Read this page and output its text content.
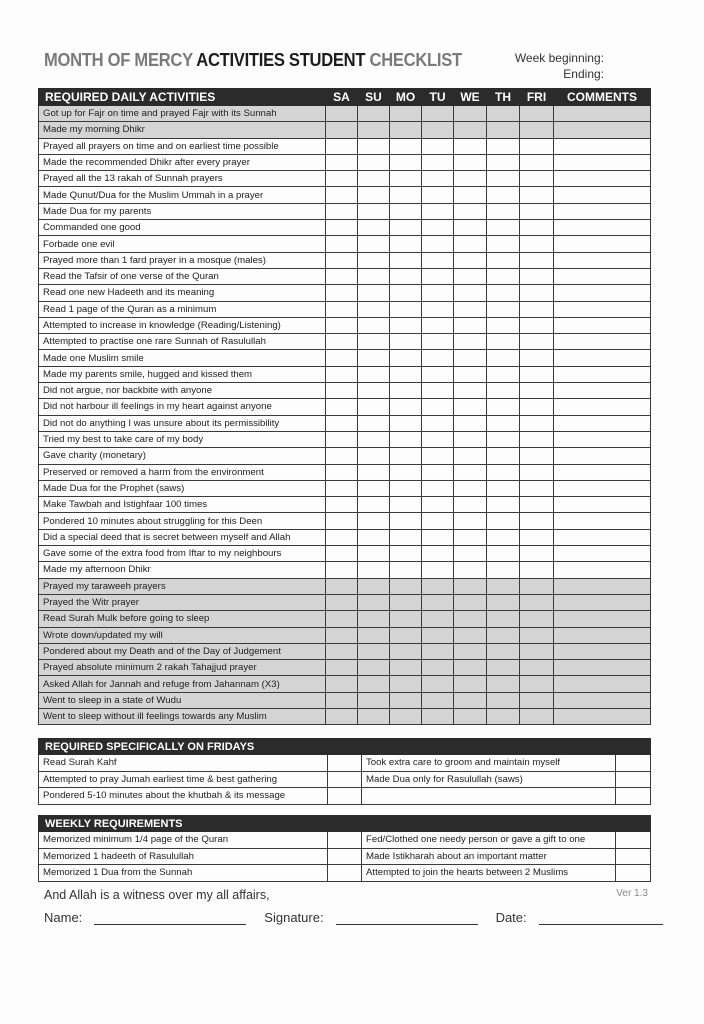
MONTH OF MERCY ACTIVITIES STUDENT CHECKLIST	Week beginning:
Ending:
REQUIRED DAILY ACTIVITIES	SA	SU	MO	TU	WE	TH	FRI	COMMENTS
Got up for Fajr on time and prayed Fajr with its Sunnah								
Made my morning Dhikr								
Prayed all prayers on time and on earliest time possible								
Made the recommended Dhikr after every prayer								
Prayed all the 13 rakah of Sunnah prayers								
Made Qunut/Dua for the Muslim Ummah in a prayer								
Made Dua for my parents								
Commanded one good								
Forbade one evil								
Prayed more than 1 fard prayer in a mosque (males)								
Read the Tafsir of one verse of the Quran								
Read one new Hadeeth and its meaning								
Read 1 page of the Quran as a minimum								
Attempted to increase in knowledge (Reading/Listening)								
Attempted to practise one rare Sunnah of Rasulullah								
Made one Muslim smile								
Made my parents smile, hugged and kissed them								
Did not argue, nor backbite with anyone								
Did not harbour ill feelings in my heart against anyone								
Did not do anything I was unsure about its permissibility								
Tried my best to take care of my body								
Gave charity (monetary)								
Preserved or removed a harm from the environment								
Made Dua for the Prophet (saws)								
Make Tawbah and Istighfaar 100 times								
Pondered 10 minutes about struggling for this Deen								
Did a special deed that is secret between myself and Allah								
Gave some of the extra food from Iftar to my neighbours								
Made my afternoon Dhikr								
Prayed my taraweeh prayers								
Prayed the Witr prayer								
Read Surah Mulk before going to sleep								
Wrote down/updated my will								
Pondered about my Death and of the Day of Judgement								
Prayed absolute minimum 2 rakah Tahajjud prayer								
Asked Allah for Jannah and refuge from Jahannam (X3)								
Went to sleep in a state of Wudu								
Went to sleep without ill feelings towards any Muslim								
REQUIRED SPECIFICALLY ON FRIDAYS			
Read Surah Kahf		Took extra care to groom and maintain myself	
Attempted to pray Jumah earliest time & best gathering		Made Dua only for Rasulullah (saws)	
Pondered 5-10 minutes about the khutbah & its message			
WEEKLY REQUIREMENTS			
Memorized minimum 1/4 page of the Quran		Fed/Clothed one needy person or gave a gift to one	
Memorized 1 hadeeth of Rasulullah		Made Istikharah about an important matter	
Memorized 1 Dua from the Sunnah		Attempted to join the hearts between 2 Muslims	
And Allah is a witness over my all affairs,	Ver 1.3
Name:	Signature:	Date:
